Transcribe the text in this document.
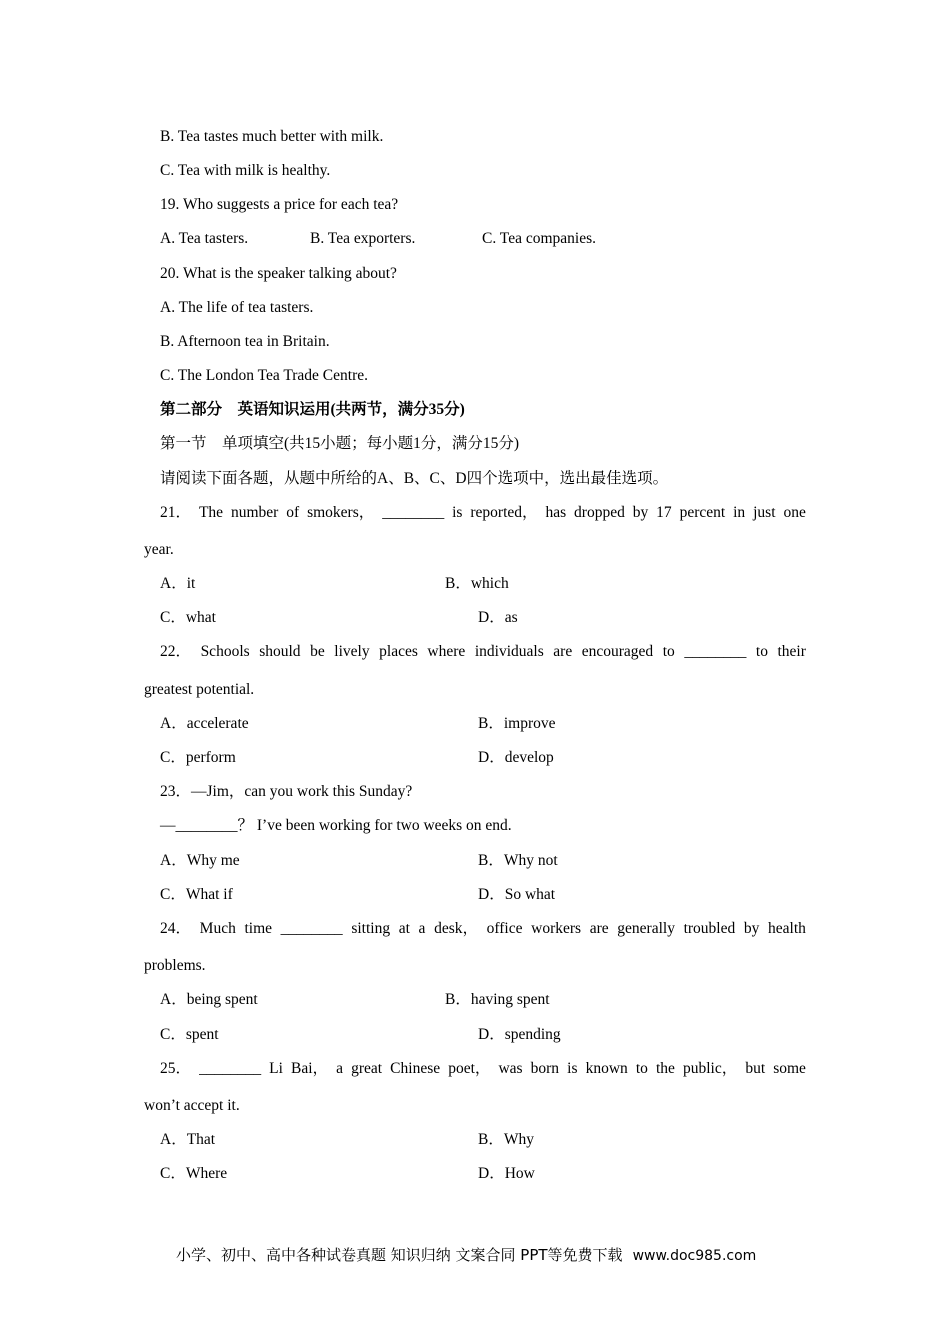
B. Tea tastes much better with milk.
C. Tea with milk is healthy.
19. Who suggests a price for each tea?
A. Tea tasters.	B. Tea exporters.	C. Tea companies.
20. What is the speaker talking about?
A. The life of tea tasters.
B. Afternoon tea in Britain.
C. The London Tea Trade Centre.
第二部分　英语知识运用(共两节，满分35分)
第一节　单项填空(共15小题；每小题1分，满分15分)
请阅读下面各题，从题中所给的A、B、C、D四个选项中，选出最佳选项。
21． The number of smokers， ________ is reported， has dropped by 17 percent in just one
year.
A．it	B．which
C．what	D．as
22． Schools should be lively places where individuals are encouraged to ________ to their
greatest potential.
A．accelerate	B．improve
C．perform	D．develop
23．—Jim，can you work this Sunday?
—________？ I’ve been working for two weeks on end.
A．Why me	B．Why not
C．What if	D．So what
24． Much time ________ sitting at a desk， office workers are generally troubled by health
problems.
A．being spent	B．having spent
C．spent	D．spending
25． ________ Li Bai， a great Chinese poet， was born is known to the public， but some
won’t accept it.
A．That	B．Why
C．Where	D．How
小学、初中、高中各种试卷真题 知识归纳 文案合同 PPT等免费下载 www.doc985.com
